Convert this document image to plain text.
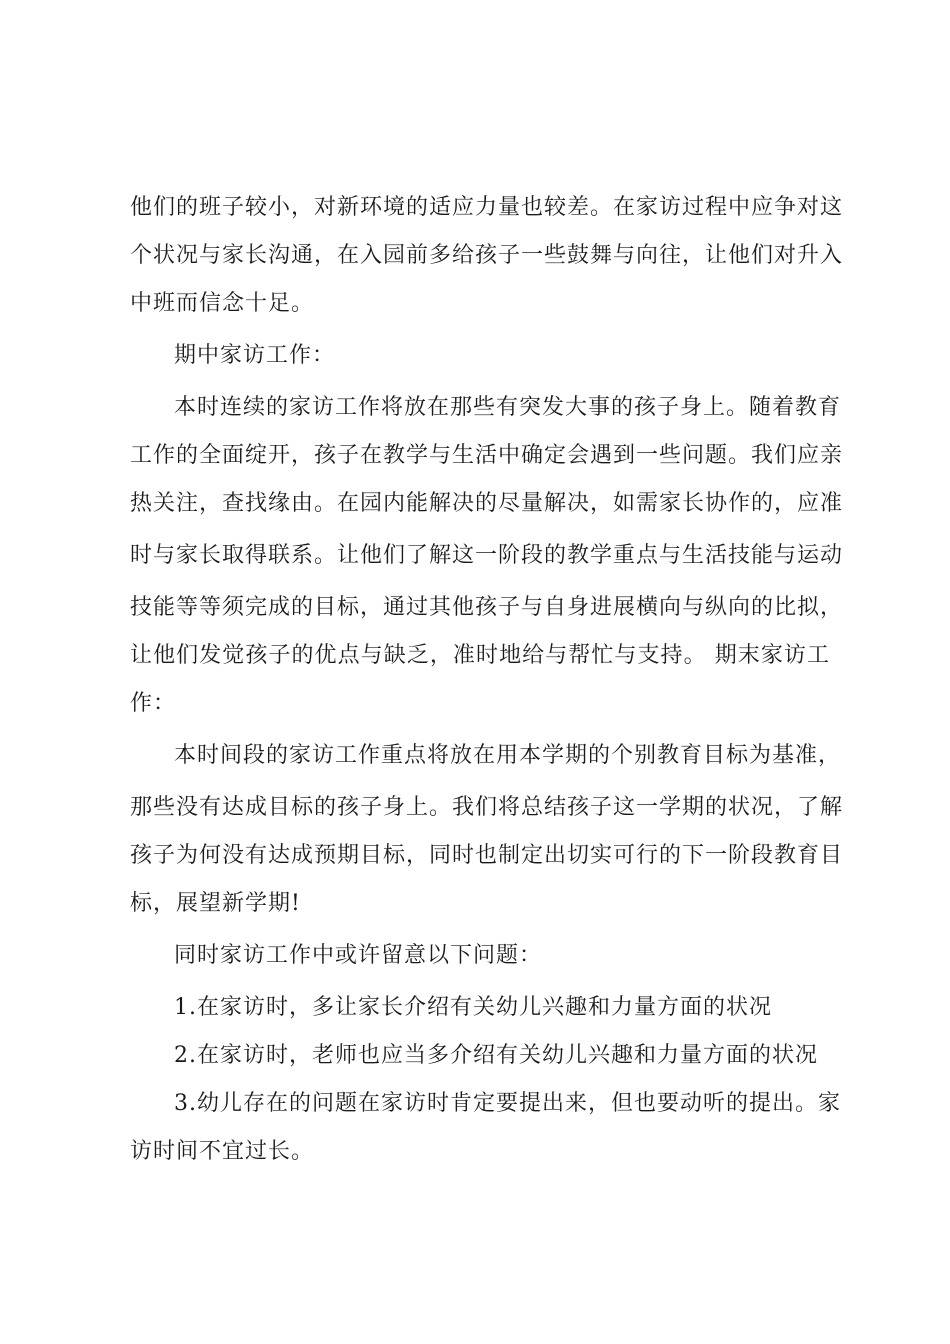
他们的班子较小，对新环境的适应力量也较差。在家访过程中应争对这
个状况与家长沟通，在入园前多给孩子一些鼓舞与向往，让他们对升入
中班而信念十足。
期中家访工作：
本时连续的家访工作将放在那些有突发大事的孩子身上。随着教育
工作的全面绽开，孩子在教学与生活中确定会遇到一些问题。我们应亲
热关注，查找缘由。在园内能解决的尽量解决，如需家长协作的，应准
时与家长取得联系。让他们了解这一阶段的教学重点与生活技能与运动
技能等等须完成的目标，通过其他孩子与自身进展横向与纵向的比拟，
让他们发觉孩子的优点与缺乏，准时地给与帮忙与支持。 期末家访工
作：
本时间段的家访工作重点将放在用本学期的个别教育目标为基准，
那些没有达成目标的孩子身上。我们将总结孩子这一学期的状况，了解
孩子为何没有达成预期目标，同时也制定出切实可行的下一阶段教育目
标，展望新学期!
同时家访工作中或许留意以下问题：
1.在家访时，多让家长介绍有关幼儿兴趣和力量方面的状况
2.在家访时，老师也应当多介绍有关幼儿兴趣和力量方面的状况
3.幼儿存在的问题在家访时肯定要提出来，但也要动听的提出。家
访时间不宜过长。
